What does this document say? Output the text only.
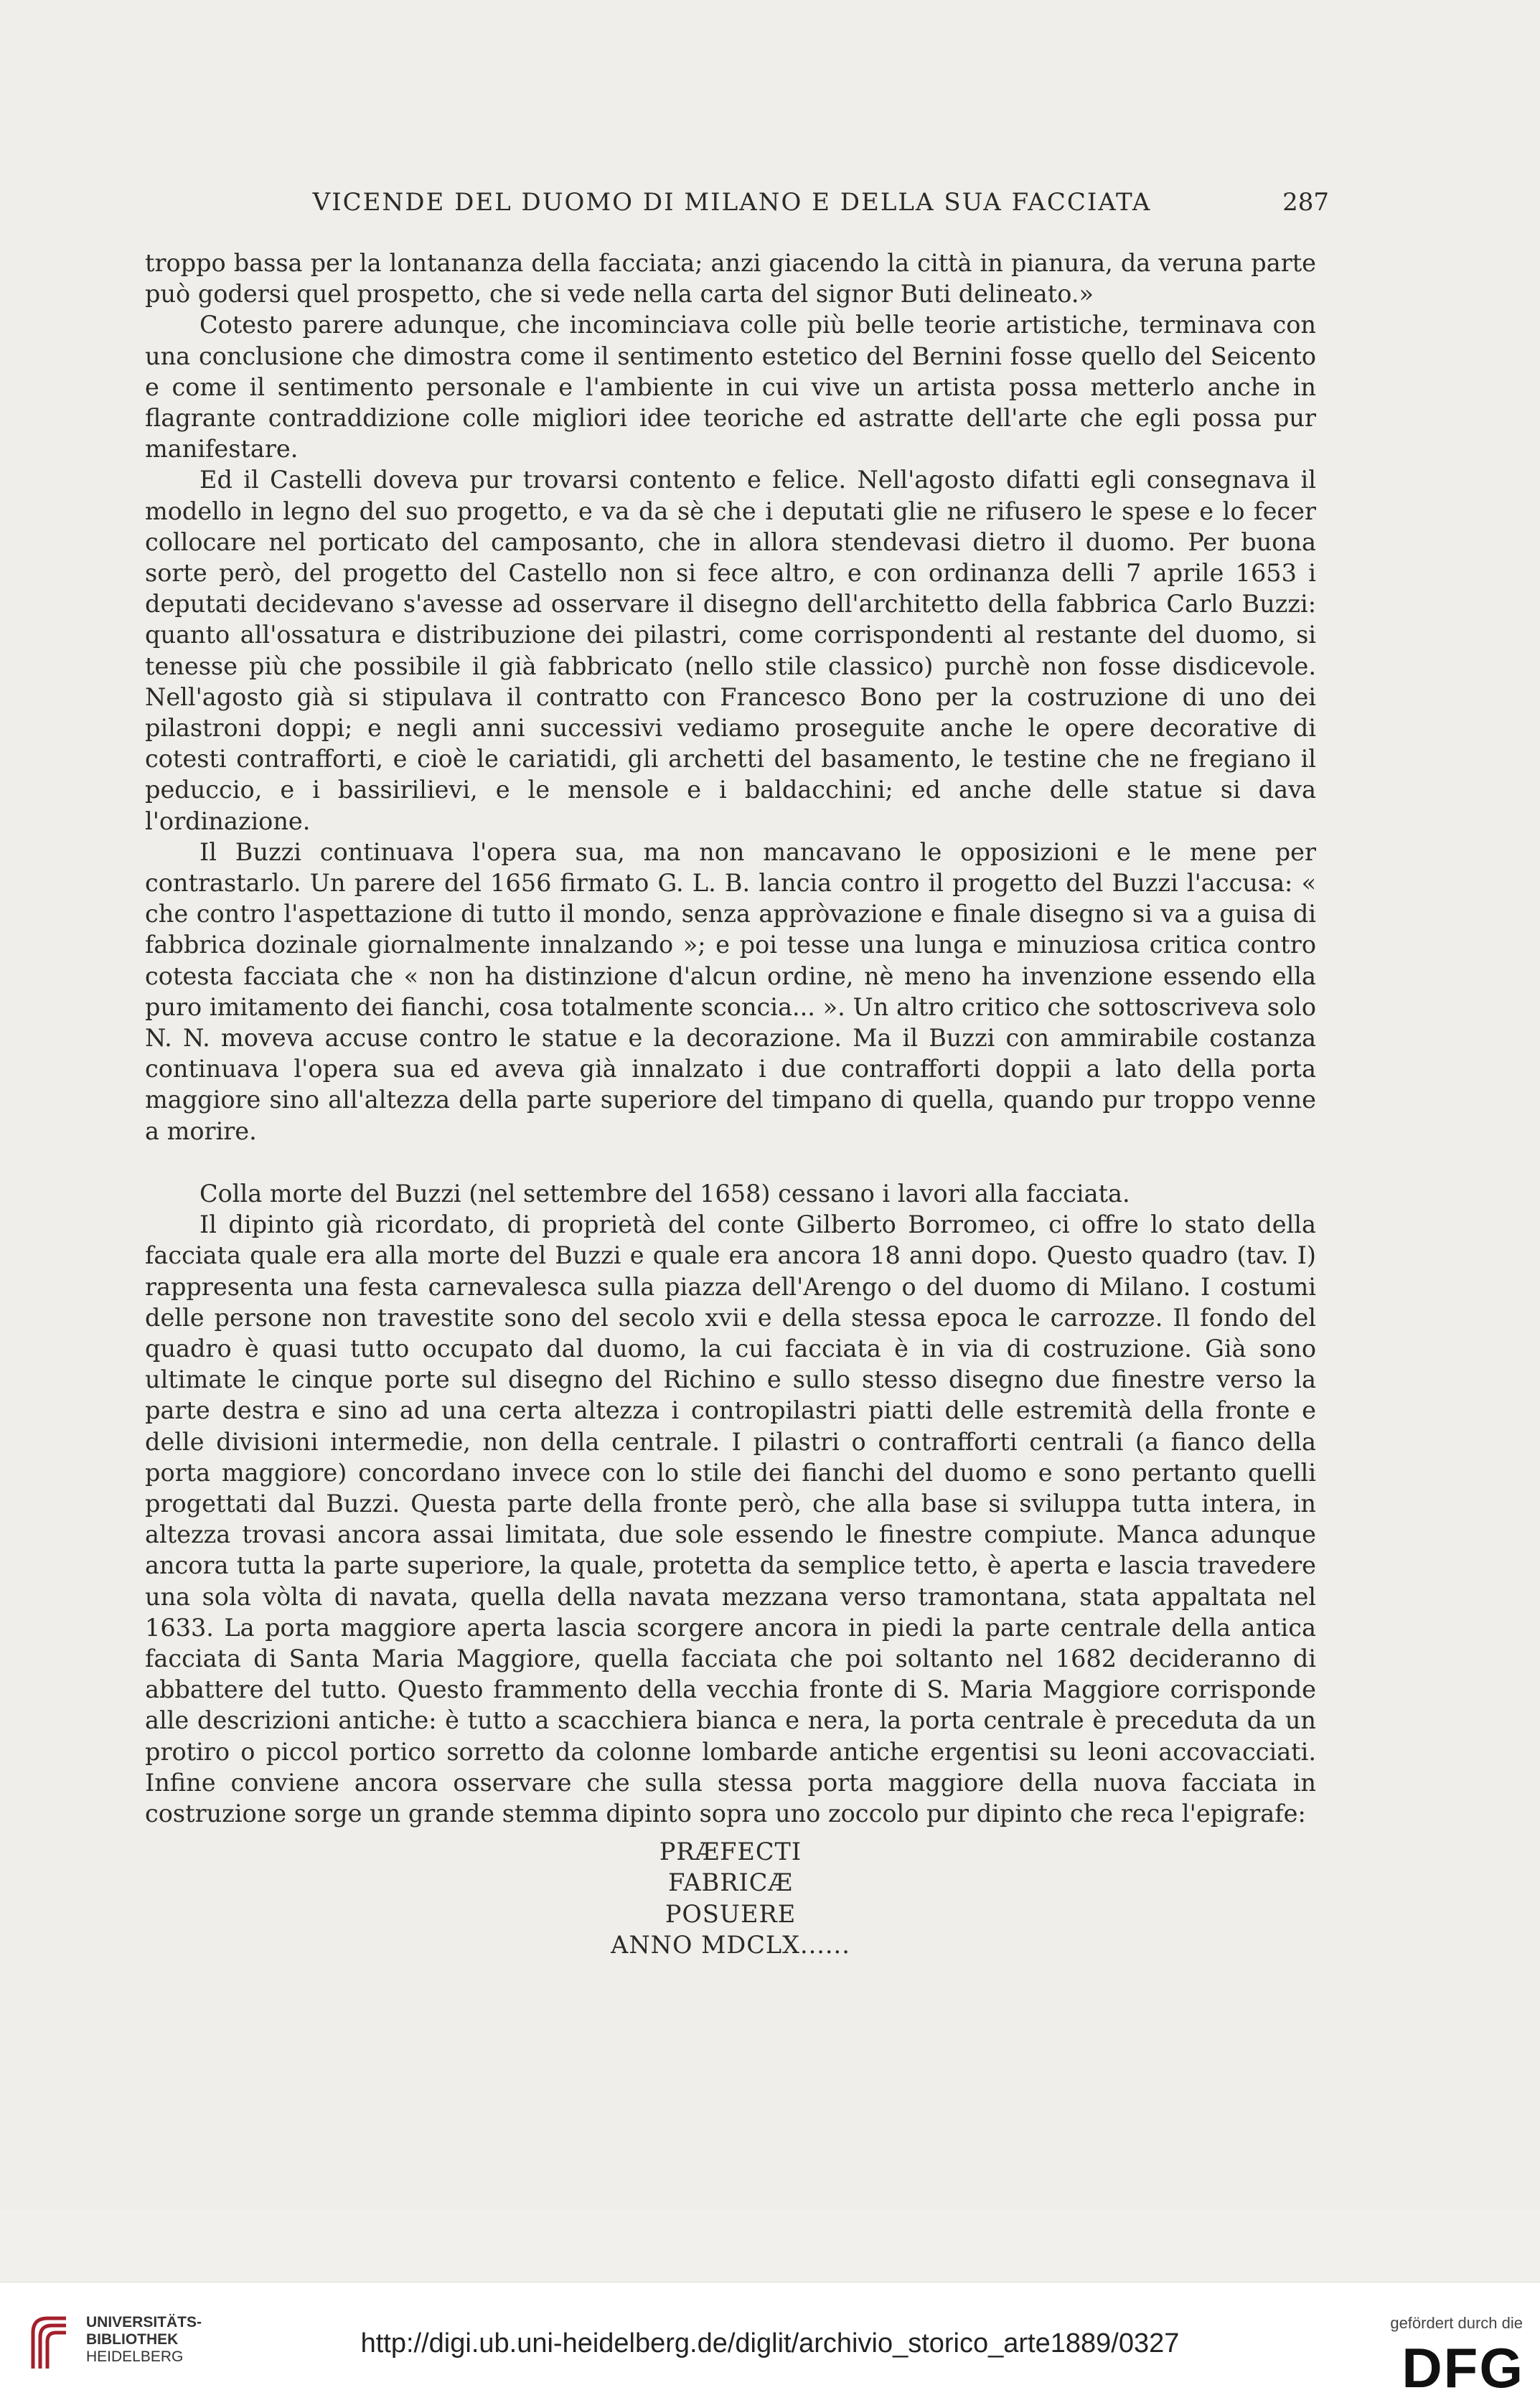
VICENDE DEL DUOMO DI MILANO E DELLA SUA FACCIATA	287

troppo bassa per la lontananza della facciata; anzi giacendo la città in pianura, da veruna parte può godersi quel prospetto, che si vede nella carta del signor Buti delineato.»

Cotesto parere adunque, che incominciava colle più belle teorie artistiche, terminava con una conclusione che dimostra come il sentimento estetico del Bernini fosse quello del Seicento e come il sentimento personale e l'ambiente in cui vive un artista possa metterlo anche in flagrante contraddizione colle migliori idee teoriche ed astratte dell'arte che egli possa pur manifestare.

Ed il Castelli doveva pur trovarsi contento e felice. Nell'agosto difatti egli consegnava il modello in legno del suo progetto, e va da sè che i deputati glie ne rifusero le spese e lo fecer collocare nel porticato del camposanto, che in allora stendevasi dietro il duomo. Per buona sorte però, del progetto del Castello non si fece altro, e con ordinanza delli 7 aprile 1653 i deputati decidevano s'avesse ad osservare il disegno dell'architetto della fabbrica Carlo Buzzi: quanto all'ossatura e distribuzione dei pilastri, come corrispondenti al restante del duomo, si tenesse più che possibile il già fabbricato (nello stile classico) purchè non fosse disdicevole. Nell'agosto già si stipulava il contratto con Francesco Bono per la costruzione di uno dei pilastroni doppi; e negli anni successivi vediamo proseguite anche le opere decorative di cotesti contrafforti, e cioè le cariatidi, gli archetti del basamento, le testine che ne fregiano il peduccio, e i bassirilievi, e le mensole e i baldacchini; ed anche delle statue si dava l'ordinazione.

Il Buzzi continuava l'opera sua, ma non mancavano le opposizioni e le mene per contrastarlo. Un parere del 1656 firmato G. L. B. lancia contro il progetto del Buzzi l'accusa: « che contro l'aspettazione di tutto il mondo, senza appròvazione e finale disegno si va a guisa di fabbrica dozinale giornalmente innalzando »; e poi tesse una lunga e minuziosa critica contro cotesta facciata che « non ha distinzione d'alcun ordine, nè meno ha invenzione essendo ella puro imitamento dei fianchi, cosa totalmente sconcia... ». Un altro critico che sottoscriveva solo N. N. moveva accuse contro le statue e la decorazione. Ma il Buzzi con ammirabile costanza continuava l'opera sua ed aveva già innalzato i due contrafforti doppii a lato della porta maggiore sino all'altezza della parte superiore del timpano di quella, quando pur troppo venne a morire.

Colla morte del Buzzi (nel settembre del 1658) cessano i lavori alla facciata.

Il dipinto già ricordato, di proprietà del conte Gilberto Borromeo, ci offre lo stato della facciata quale era alla morte del Buzzi e quale era ancora 18 anni dopo. Questo quadro (tav. I) rappresenta una festa carnevalesca sulla piazza dell'Arengo o del duomo di Milano. I costumi delle persone non travestite sono del secolo xvii e della stessa epoca le carrozze. Il fondo del quadro è quasi tutto occupato dal duomo, la cui facciata è in via di costruzione. Già sono ultimate le cinque porte sul disegno del Richino e sullo stesso disegno due finestre verso la parte destra e sino ad una certa altezza i contropilastri piatti delle estremità della fronte e delle divisioni intermedie, non della centrale. I pilastri o contrafforti centrali (a fianco della porta maggiore) concordano invece con lo stile dei fianchi del duomo e sono pertanto quelli progettati dal Buzzi. Questa parte della fronte però, che alla base si sviluppa tutta intera, in altezza trovasi ancora assai limitata, due sole essendo le finestre compiute. Manca adunque ancora tutta la parte superiore, la quale, protetta da semplice tetto, è aperta e lascia travedere una sola vòlta di navata, quella della navata mezzana verso tramontana, stata appaltata nel 1633. La porta maggiore aperta lascia scorgere ancora in piedi la parte centrale della antica facciata di Santa Maria Maggiore, quella facciata che poi soltanto nel 1682 decideranno di abbattere del tutto. Questo frammento della vecchia fronte di S. Maria Maggiore corrisponde alle descrizioni antiche: è tutto a scacchiera bianca e nera, la porta centrale è preceduta da un protiro o piccol portico sorretto da colonne lombarde antiche ergentisi su leoni accovacciati. Infine conviene ancora osservare che sulla stessa porta maggiore della nuova facciata in costruzione sorge un grande stemma dipinto sopra uno zoccolo pur dipinto che reca l'epigrafe:

PRÆFECTI
FABRICÆ
POSUERE
ANNO MDCLX......
UNIVERSITÄTS-
BIBLIOTHEK
HEIDELBERG	http://digi.ub.uni-heidelberg.de/diglit/archivio_storico_arte1889/0327
gefördert durch die
DFG
